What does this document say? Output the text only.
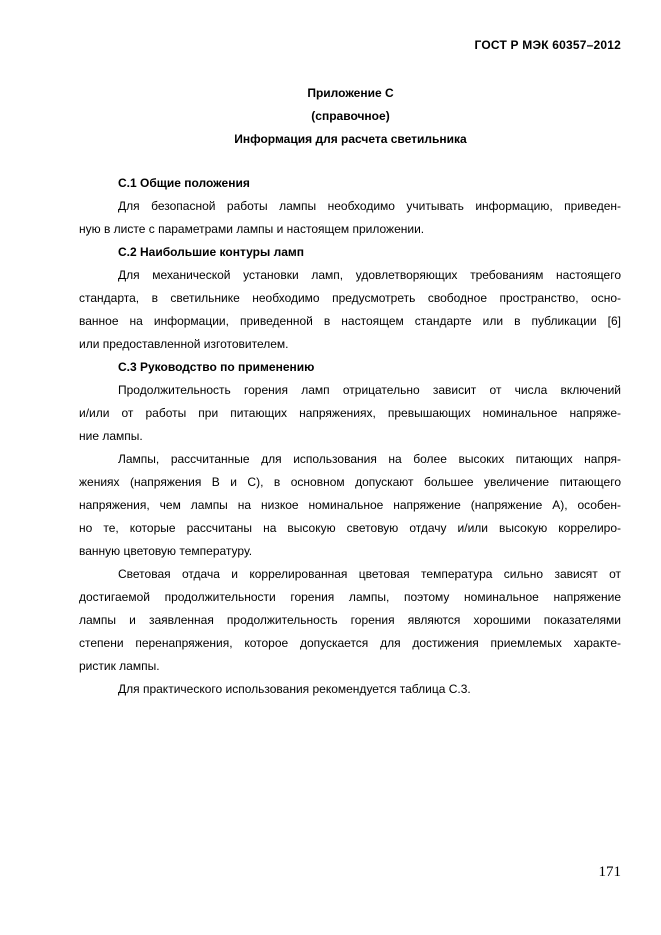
ГОСТ Р МЭК 60357–2012
Приложение С
(справочное)
Информация для расчета светильника
С.1 Общие положения
Для безопасной работы лампы необходимо учитывать информацию, приведен-
ную в листе с параметрами лампы и настоящем приложении.
С.2 Наибольшие контуры ламп
Для механической установки ламп, удовлетворяющих требованиям настоящего
стандарта, в светильнике необходимо предусмотреть свободное пространство, осно-
ванное на информации, приведенной в настоящем стандарте или в публикации [6]
или предоставленной изготовителем.
С.3 Руководство по применению
Продолжительность горения ламп отрицательно зависит от числа включений
и/или от работы при питающих напряжениях, превышающих номинальное напряже-
ние лампы.
Лампы, рассчитанные для использования на более высоких питающих напря-
жениях (напряжения В и С), в основном допускают большее увеличение питающего
напряжения, чем лампы на низкое номинальное напряжение (напряжение А), особен-
но те, которые рассчитаны на высокую световую отдачу и/или высокую коррелиро-
ванную цветовую температуру.
Световая отдача и коррелированная цветовая температура сильно зависят от
достигаемой продолжительности горения лампы, поэтому номинальное напряжение
лампы и заявленная продолжительность горения являются хорошими показателями
степени перенапряжения, которое допускается для достижения приемлемых характе-
ристик лампы.
Для практического использования рекомендуется таблица С.3.
171
